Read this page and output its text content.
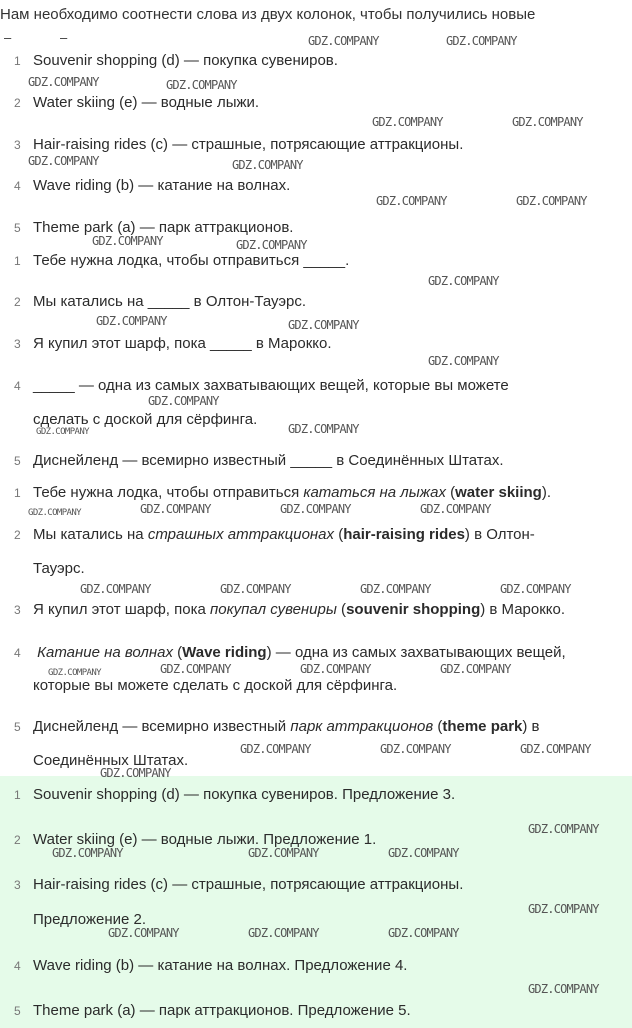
Нам необходимо соотнести слова из двух колонок, чтобы получились новые
–	–
1 Souvenir shopping (d) — покупка сувениров.
2 Water skiing (e) — водные лыжи.
3 Hair-raising rides (c) — страшные, потрясающие аттракционы.
4 Wave riding (b) — катание на волнах.
5 Theme park (a) — парк аттракционов.
1 Тебе нужна лодка, чтобы отправиться _____.
2 Мы катались на _____ в Олтон-Тауэрс.
3 Я купил этот шарф, пока _____ в Марокко.
4 _____ — одна из самых захватывающих вещей, которые вы можете
сделать с доской для сёрфинга.
5 Диснейленд — всемирно известный _____ в Соединённых Штатах.
1 Тебе нужна лодка, чтобы отправиться кататься на лыжах (water skiing).
2 Мы катались на страшных аттракционах (hair-raising rides) в Олтон-
Тауэрс.
3 Я купил этот шарф, пока покупал сувениры (souvenir shopping) в Марокко.
4 Катание на волнах (Wave riding) — одна из самых захватывающих вещей,
которые вы можете сделать с доской для сёрфинга.
5 Диснейленд — всемирно известный парк аттракционов (theme park) в
Соединённых Штатах.
1 Souvenir shopping (d) — покупка сувениров. Предложение 3.
2 Water skiing (e) — водные лыжи. Предложение 1.
3 Hair-raising rides (c) — страшные, потрясающие аттракционы.
Предложение 2.
4 Wave riding (b) — катание на волнах. Предложение 4.
5 Theme park (a) — парк аттракционов. Предложение 5.
GDZ.COMPANY	GDZ.COMPANY
GDZ.COMPANY	GDZ.COMPANY
GDZ.COMPANY	GDZ.COMPANY
GDZ.COMPANY	GDZ.COMPANY
GDZ.COMPANY	GDZ.COMPANY
GDZ.COMPANY	GDZ.COMPANY
GDZ.COMPANY
GDZ.COMPANY	GDZ.COMPANY
GDZ.COMPANY
GDZ.COMPANY
GDZ.COMPANY	GDZ.COMPANY
GDZ.COMPANY	GDZ.COMPANY	GDZ.COMPANY	GDZ.COMPANY
GDZ.COMPANY	GDZ.COMPANY	GDZ.COMPANY	GDZ.COMPANY
GDZ.COMPANY	GDZ.COMPANY	GDZ.COMPANY	GDZ.COMPANY
GDZ.COMPANY	GDZ.COMPANY	GDZ.COMPANY
GDZ.COMPANY
GDZ.COMPANY
GDZ.COMPANY	GDZ.COMPANY	GDZ.COMPANY
GDZ.COMPANY
GDZ.COMPANY	GDZ.COMPANY	GDZ.COMPANY
GDZ.COMPANY
